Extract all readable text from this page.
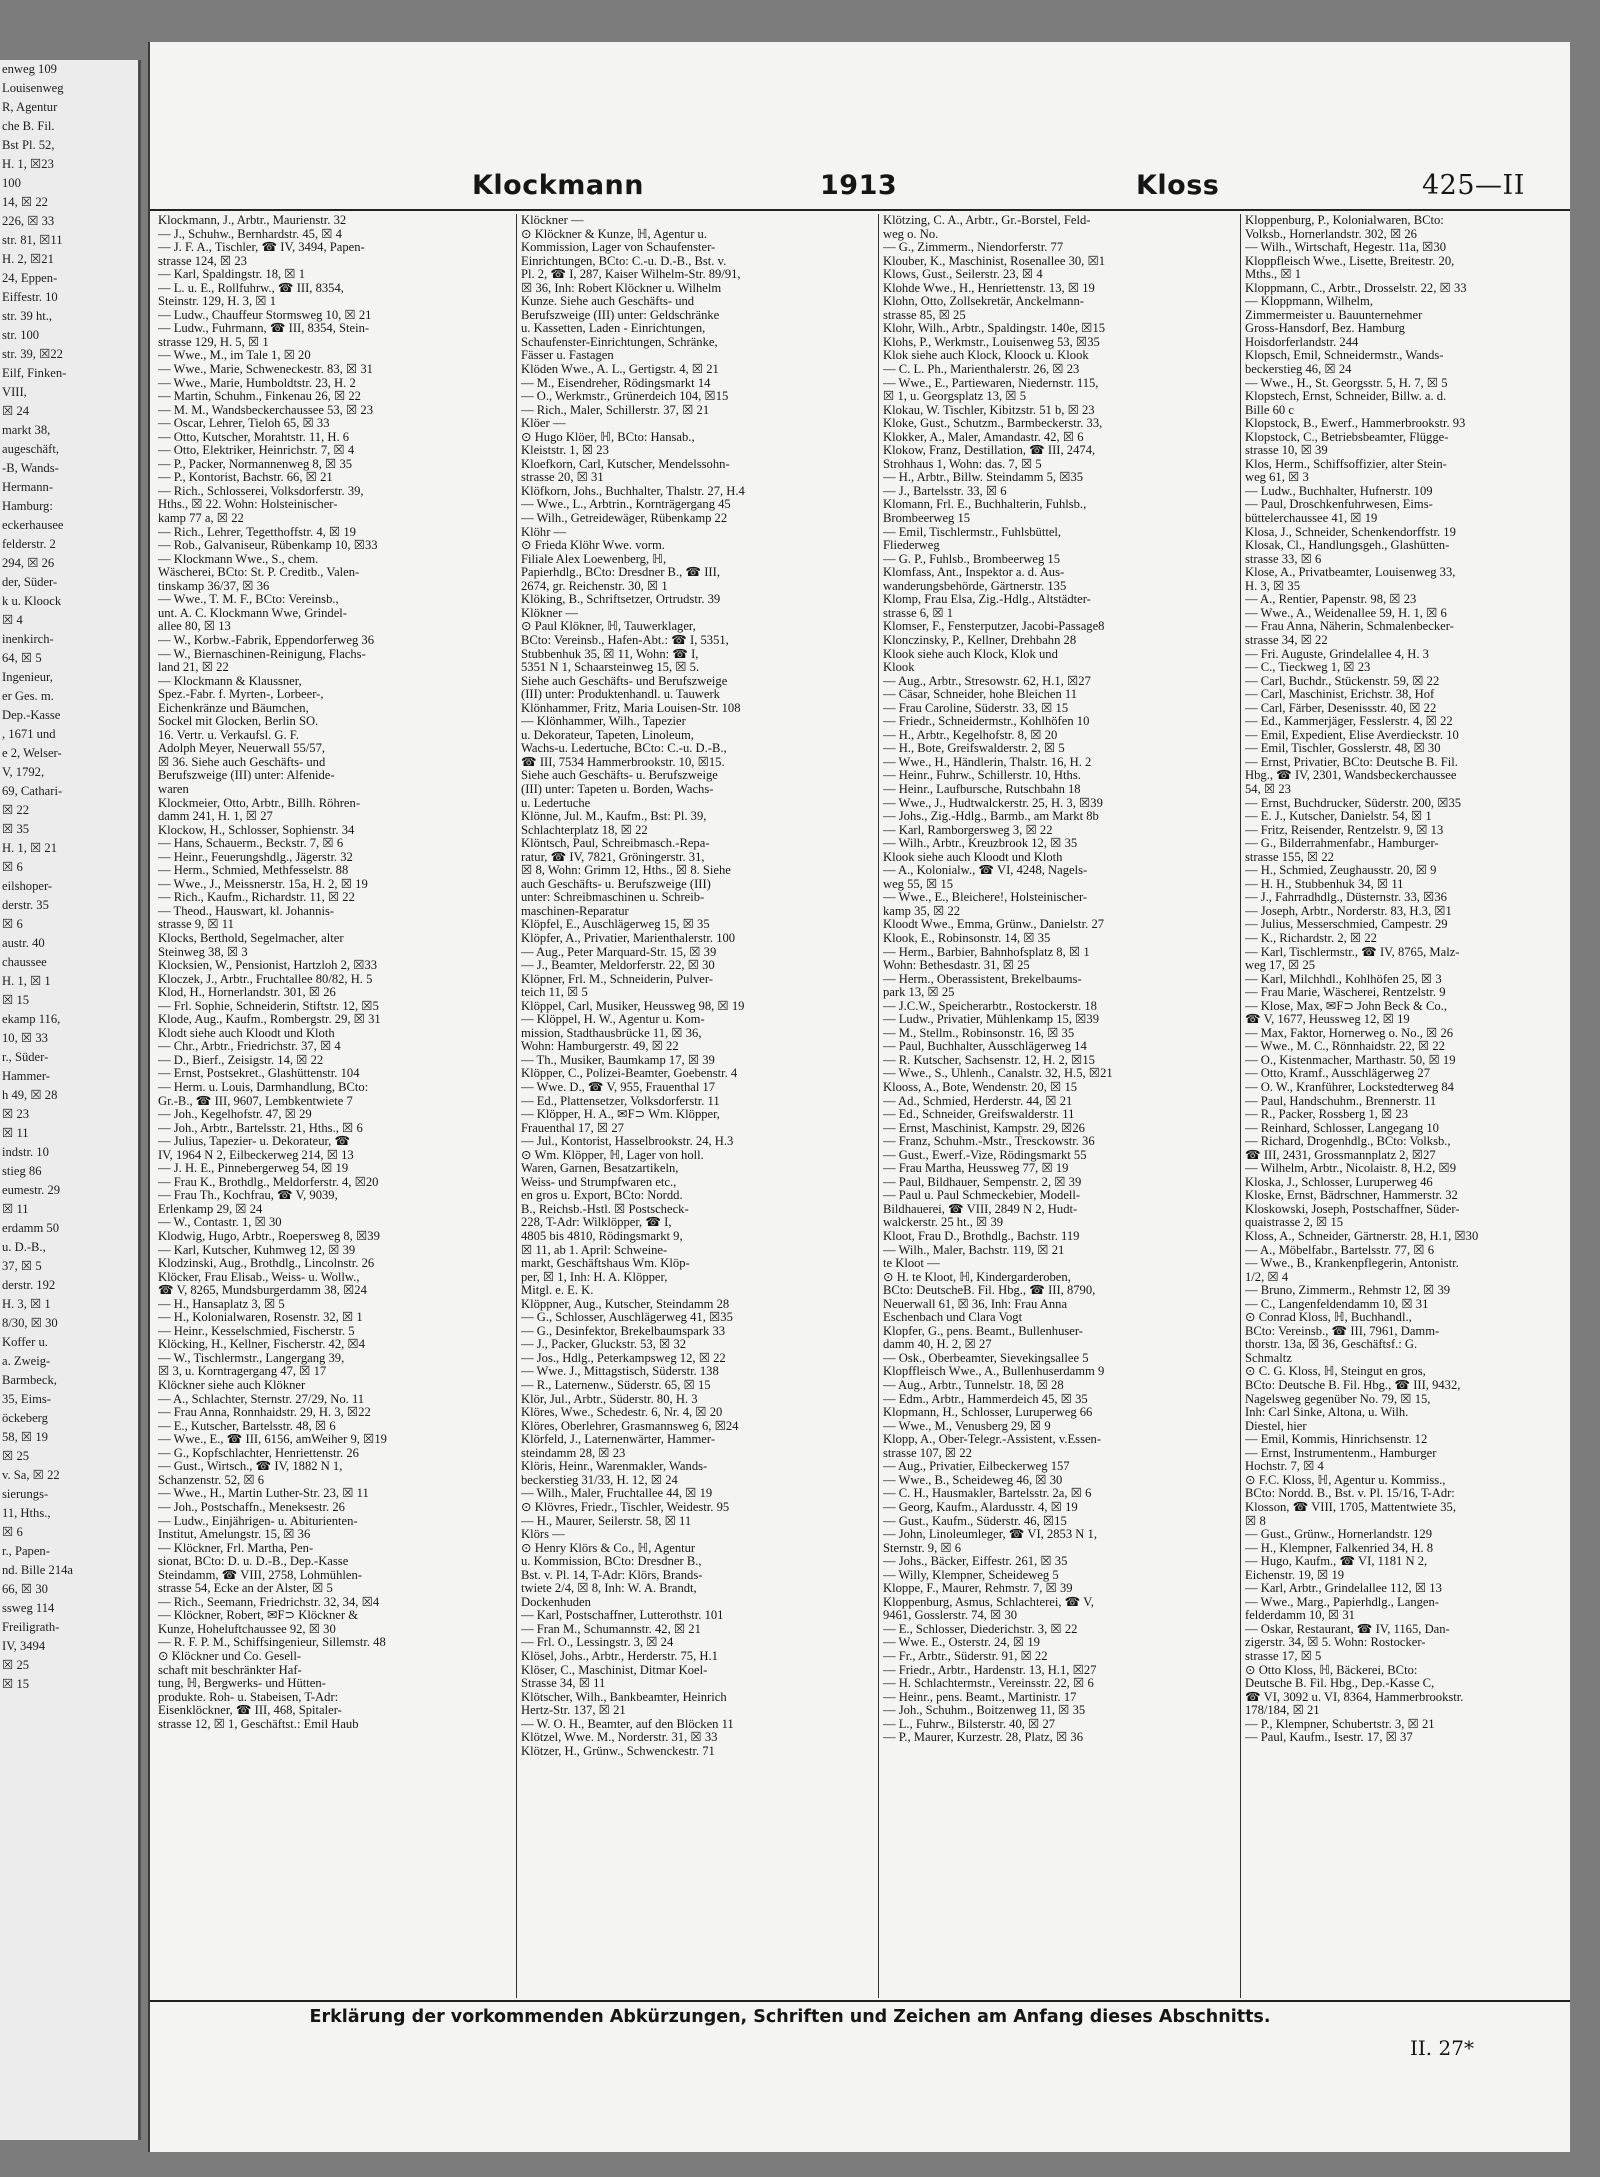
enweg 109
Louisenweg
R, Agentur
che B. Fil.
Bst Pl. 52,
H. 1, ☒23
100
14, ☒ 22
226, ☒ 33
str. 81, ☒11
H. 2, ☒21
24, Eppen-
Eiffestr. 10
str. 39 ht.,
str. 100
str. 39, ☒22
Eilf, Finken-
VIII,
☒ 24
markt 38,
augeschäft,
-B, Wands-
Hermann-
Hamburg:
eckerhausee
felderstr. 2
294, ☒ 26
der, Süder-
k u. Kloock
☒ 4
inenkirch-
64, ☒ 5
Ingenieur,
er Ges. m.
Dep.-Kasse
, 1671 und
e 2, Welser-
V, 1792,
69, Cathari-
☒ 22
☒ 35
H. 1, ☒ 21
☒ 6
eilshoper-
derstr. 35
☒ 6
austr. 40
chaussee
H. 1, ☒ 1
☒ 15
ekamp 116,
10, ☒ 33
r., Süder-
Hammer-
h 49, ☒ 28
☒ 23
☒ 11
indstr. 10
stieg 86
eumestr. 29
☒ 11
erdamm 50
u. D.-B.,
37, ☒ 5
derstr. 192
H. 3, ☒ 1
8/30, ☒ 30
Koffer u.
a. Zweig-
Barmbeck,
35, Eims-
öckeberg
58, ☒ 19
☒ 25
v. Sa, ☒ 22
sierungs-
11, Hths.,
☒ 6
r., Papen-
nd. Bille 214a
66, ☒ 30
ssweg 114
Freiligrath-
IV, 3494
☒ 25
☒ 15
Klockmann	1913	Kloss	425—II
Klockmann, J., Arbtr., Maurienstr. 32
— J., Schuhw., Bernhardstr. 45, ☒ 4
— J. F. A., Tischler, ☎ IV, 3494, Papen-
strasse 124, ☒ 23
— Karl, Spaldingstr. 18, ☒ 1
— L. u. E., Rollfuhrw., ☎ III, 8354,
Steinstr. 129, H. 3, ☒ 1
— Ludw., Chauffeur Stormsweg 10, ☒ 21
— Ludw., Fuhrmann, ☎ III, 8354, Stein-
strasse 129, H. 5, ☒ 1
— Wwe., M., im Tale 1, ☒ 20
— Wwe., Marie, Schweneckestr. 83, ☒ 31
— Wwe., Marie, Humboldtstr. 23, H. 2
— Martin, Schuhm., Finkenau 26, ☒ 22
— M. M., Wandsbeckerchaussee 53, ☒ 23
— Oscar, Lehrer, Tieloh 65, ☒ 33
— Otto, Kutscher, Morahtstr. 11, H. 6
— Otto, Elektriker, Heinrichstr. 7, ☒ 4
— P., Packer, Normannenweg 8, ☒ 35
— P., Kontorist, Bachstr. 66, ☒ 21
— Rich., Schlosserei, Volksdorferstr. 39,
Hths., ☒ 22. Wohn: Holsteinischer-
kamp 77 a, ☒ 22
— Rich., Lehrer, Tegetthoffstr. 4, ☒ 19
— Rob., Galvaniseur, Rübenkamp 10, ☒33
— Klockmann Wwe., S., chem.
Wäscherei, BCto: St. P. Creditb., Valen-
tinskamp 36/37, ☒ 36
— Wwe., T. M. F., BCto: Vereinsb.,
unt. A. C. Klockmann Wwe, Grindel-
allee 80, ☒ 13
— W., Korbw.-Fabrik, Eppendorferweg 36
— W., Biernaschinen-Reinigung, Flachs-
land 21, ☒ 22
— Klockmann & Klaussner,
Spez.-Fabr. f. Myrten-, Lorbeer-,
Eichenkränze und Bäumchen,
Sockel mit Glocken, Berlin SO.
16. Vertr. u. Verkaufsl. G. F.
Adolph Meyer, Neuerwall 55/57,
☒ 36. Siehe auch Geschäfts- und
Berufszweige (III) unter: Alfenide-
waren
Klockmeier, Otto, Arbtr., Billh. Röhren-
damm 241, H. 1, ☒ 27
Klockow, H., Schlosser, Sophienstr. 34
— Hans, Schauerm., Beckstr. 7, ☒ 6
— Heinr., Feuerungshdlg., Jägerstr. 32
— Herm., Schmied, Methfesselstr. 88
— Wwe., J., Meissnerstr. 15a, H. 2, ☒ 19
— Rich., Kaufm., Richardstr. 11, ☒ 22
— Theod., Hauswart, kl. Johannis-
strasse 9, ☒ 11
Klocks, Berthold, Segelmacher, alter
Steinweg 38, ☒ 3
Klocksien, W., Pensionist, Hartzloh 2, ☒33
Kloczek, J., Arbtr., Fruchtallee 80/82, H. 5
Klod, H., Hornerlandstr. 301, ☒ 26
— Frl. Sophie, Schneiderin, Stiftstr. 12, ☒5
Klode, Aug., Kaufm., Rombergstr. 29, ☒ 31
Klodt siehe auch Kloodt und Kloth
— Chr., Arbtr., Friedrichstr. 37, ☒ 4
— D., Bierf., Zeisigstr. 14, ☒ 22
— Ernst, Postsekret., Glashüttenstr. 104
— Herm. u. Louis, Darmhandlung, BCto:
Gr.-B., ☎ III, 9607, Lembkentwiete 7
— Joh., Kegelhofstr. 47, ☒ 29
— Joh., Arbtr., Bartelsstr. 21, Hths., ☒ 6
— Julius, Tapezier- u. Dekorateur, ☎
IV, 1964 N 2, Eilbeckerweg 214, ☒ 13
— J. H. E., Pinnebergerweg 54, ☒ 19
— Frau K., Brothdlg., Meldorferstr. 4, ☒20
— Frau Th., Kochfrau, ☎ V, 9039,
Erlenkamp 29, ☒ 24
— W., Contastr. 1, ☒ 30
Klodwig, Hugo, Arbtr., Roepersweg 8, ☒39
— Karl, Kutscher, Kuhmweg 12, ☒ 39
Klodzinski, Aug., Brothdlg., Lincolnstr. 26
Klöcker, Frau Elisab., Weiss- u. Wollw.,
☎ V, 8265, Mundsburgerdamm 38, ☒24
— H., Hansaplatz 3, ☒ 5
— H., Kolonialwaren, Rosenstr. 32, ☒ 1
— Heinr., Kesselschmied, Fischerstr. 5
Klöcking, H., Kellner, Fischerstr. 42, ☒4
— W., Tischlermstr., Langergang 39,
☒ 3, u. Korntragergang 47, ☒ 17
Klöckner siehe auch Klökner
— A., Schlachter, Sternstr. 27/29, No. 11
— Frau Anna, Ronnhaidstr. 29, H. 3, ☒22
— E., Kutscher, Bartelsstr. 48, ☒ 6
— Wwe., E., ☎ III, 6156, amWeiher 9, ☒19
— G., Kopfschlachter, Henriettenstr. 26
— Gust., Wirtsch., ☎ IV, 1882 N 1,
Schanzenstr. 52, ☒ 6
— Wwe., H., Martin Luther-Str. 23, ☒ 11
— Joh., Postschaffn., Meneksestr. 26
— Ludw., Einjährigen- u. Abiturienten-
Institut, Amelungstr. 15, ☒ 36
— Klöckner, Frl. Martha, Pen-
sionat, BCto: D. u. D.-B., Dep.-Kasse
Steindamm, ☎ VIII, 2758, Lohmühlen-
strasse 54, Ecke an der Alster, ☒ 5
— Rich., Seemann, Friedrichstr. 32, 34, ☒4
— Klöckner, Robert, ✉F⊃ Klöckner &
Kunze, Hoheluftchaussee 92, ☒ 30
— R. F. P. M., Schiffsingenieur, Sillemstr. 48
⊙ Klöckner und Co. Gesell-
schaft mit beschränkter Haf-
tung, ℍ, Bergwerks- und Hütten-
produkte. Roh- u. Stabeisen, T-Adr:
Eisenklöckner, ☎ III, 468, Spitaler-
strasse 12, ☒ 1, Geschäftst.: Emil Haub
Klöckner —
⊙ Klöckner & Kunze, ℍ, Agentur u.
Kommission, Lager von Schaufenster-
Einrichtungen, BCto: C.-u. D.-B., Bst. v.
Pl. 2, ☎ I, 287, Kaiser Wilhelm-Str. 89/91,
☒ 36, Inh: Robert Klöckner u. Wilhelm
Kunze. Siehe auch Geschäfts- und
Berufszweige (III) unter: Geldschränke
u. Kassetten, Laden - Einrichtungen,
Schaufenster-Einrichtungen, Schränke,
Fässer u. Fastagen
Klöden Wwe., A. L., Gertigstr. 4, ☒ 21
— M., Eisendreher, Rödingsmarkt 14
— O., Werkmstr., Grünerdeich 104, ☒15
— Rich., Maler, Schillerstr. 37, ☒ 21
Klöer —
⊙ Hugo Klöer, ℍ, BCto: Hansab.,
Kleiststr. 1, ☒ 23
Kloefkorn, Carl, Kutscher, Mendelssohn-
strasse 20, ☒ 31
Klöfkorn, Johs., Buchhalter, Thalstr. 27, H.4
— Wwe., L., Arbtrin., Kornträgergang 45
— Wilh., Getreidewäger, Rübenkamp 22
Klöhr —
⊙ Frieda Klöhr Wwe. vorm.
Filiale Alex Loewenberg, ℍ,
Papierhdlg., BCto: Dresdner B., ☎ III,
2674, gr. Reichenstr. 30, ☒ 1
Klöking, B., Schriftsetzer, Ortrudstr. 39
Klökner —
⊙ Paul Klökner, ℍ, Tauwerklager,
BCto: Vereinsb., Hafen-Abt.: ☎ I, 5351,
Stubbenhuk 35, ☒ 11, Wohn: ☎ I,
5351 N 1, Schaarsteinweg 15, ☒ 5.
Siehe auch Geschäfts- und Berufszweige
(III) unter: Produktenhandl. u. Tauwerk
Klönhammer, Fritz, Maria Louisen-Str. 108
— Klönhammer, Wilh., Tapezier
u. Dekorateur, Tapeten, Linoleum,
Wachs-u. Ledertuche, BCto: C.-u. D.-B.,
☎ III, 7534 Hammerbrookstr. 10, ☒15.
Siehe auch Geschäfts- u. Berufszweige
(III) unter: Tapeten u. Borden, Wachs-
u. Ledertuche
Klönne, Jul. M., Kaufm., Bst: Pl. 39,
Schlachterplatz 18, ☒ 22
Klöntsch, Paul, Schreibmasch.-Repa-
ratur, ☎ IV, 7821, Gröningerstr. 31,
☒ 8, Wohn: Grimm 12, Hths., ☒ 8. Siehe
auch Geschäfts- u. Berufszweige (III)
unter: Schreibmaschinen u. Schreib-
maschinen-Reparatur
Klöpfel, E., Auschlägerweg 15, ☒ 35
Klöpfer, A., Privatier, Marienthalerstr. 100
— Aug., Peter Marquard-Str. 15, ☒ 39
— J., Beamter, Meldorferstr. 22, ☒ 30
Klöpner, Frl. M., Schneiderin, Pulver-
teich 11, ☒ 5
Klöppel, Carl, Musiker, Heussweg 98, ☒ 19
— Klöppel, H. W., Agentur u. Kom-
mission, Stadthausbrücke 11, ☒ 36,
Wohn: Hamburgerstr. 49, ☒ 22
— Th., Musiker, Baumkamp 17, ☒ 39
Klöpper, C., Polizei-Beamter, Goebenstr. 4
— Wwe. D., ☎ V, 955, Frauenthal 17
— Ed., Plattensetzer, Volksdorferstr. 11
— Klöpper, H. A., ✉F⊃ Wm. Klöpper,
Frauenthal 17, ☒ 27
— Jul., Kontorist, Hasselbrookstr. 24, H.3
⊙ Wm. Klöpper, ℍ, Lager von holl.
Waren, Garnen, Besatzartikeln,
Weiss- und Strumpfwaren etc.,
en gros u. Export, BCto: Nordd.
B., Reichsb.-Hstl. ☒ Postscheck-
228, T-Adr: Wilklöpper, ☎ I,
4805 bis 4810, Rödingsmarkt 9,
☒ 11, ab 1. April: Schweine-
markt, Geschäftshaus Wm. Klöp-
per, ☒ 1, Inh: H. A. Klöpper,
Mitgl. e. E. K.
Klöppner, Aug., Kutscher, Steindamm 28
— G., Schlosser, Auschlägerweg 41, ☒35
— G., Desinfektor, Brekelbaumspark 33
— J., Packer, Gluckstr. 53, ☒ 32
— Jos., Hdlg., Peterkampsweg 12, ☒ 22
— Wwe. J., Mittagstisch, Süderstr. 138
— R., Laternenw., Süderstr. 65, ☒ 15
Klör, Jul., Arbtr., Süderstr. 80, H. 3
Klöres, Wwe., Schedestr. 6, Nr. 4, ☒ 20
Klöres, Oberlehrer, Grasmannsweg 6, ☒24
Klörfeld, J., Laternenwärter, Hammer-
steindamm 28, ☒ 23
Klöris, Heinr., Warenmakler, Wands-
beckerstieg 31/33, H. 12, ☒ 24
— Wilh., Maler, Fruchtallee 44, ☒ 19
⊙ Klövres, Friedr., Tischler, Weidestr. 95
— H., Maurer, Seilerstr. 58, ☒ 11
Klörs —
⊙ Henry Klörs & Co., ℍ, Agentur
u. Kommission, BCto: Dresdner B.,
Bst. v. Pl. 14, T-Adr: Klörs, Brands-
twiete 2/4, ☒ 8, Inh: W. A. Brandt,
Dockenhuden
— Karl, Postschaffner, Lutterothstr. 101
— Fran M., Schumannstr. 42, ☒ 21
— Frl. O., Lessingstr. 3, ☒ 24
Klösel, Johs., Arbtr., Herderstr. 75, H.1
Klöser, C., Maschinist, Ditmar Koel-
Strasse 34, ☒ 11
Klötscher, Wilh., Bankbeamter, Heinrich
Hertz-Str. 137, ☒ 21
— W. O. H., Beamter, auf den Blöcken 11
Klötzel, Wwe. M., Norderstr. 31, ☒ 33
Klötzer, H., Grünw., Schwenckestr. 71
Klötzing, C. A., Arbtr., Gr.-Borstel, Feld-
weg o. No.
— G., Zimmerm., Niendorferstr. 77
Klouber, K., Maschinist, Rosenallee 30, ☒1
Klows, Gust., Seilerstr. 23, ☒ 4
Klohde Wwe., H., Henriettenstr. 13, ☒ 19
Klohn, Otto, Zollsekretär, Anckelmann-
strasse 85, ☒ 25
Klohr, Wilh., Arbtr., Spaldingstr. 140e, ☒15
Klohs, P., Werkmstr., Louisenweg 53, ☒35
Klok siehe auch Klock, Kloock u. Klook
— C. L. Ph., Marienthalerstr. 26, ☒ 23
— Wwe., E., Partiewaren, Niedernstr. 115,
☒ 1, u. Georgsplatz 13, ☒ 5
Klokau, W. Tischler, Kibitzstr. 51 b, ☒ 23
Kloke, Gust., Schutzm., Barmbeckerstr. 33,
Klokker, A., Maler, Amandastr. 42, ☒ 6
Klokow, Franz, Destillation, ☎ III, 2474,
Strohhaus 1, Wohn: das. 7, ☒ 5
— H., Arbtr., Billw. Steindamm 5, ☒35
— J., Bartelsstr. 33, ☒ 6
Klomann, Frl. E., Buchhalterin, Fuhlsb.,
Brombeerweg 15
— Emil, Tischlermstr., Fuhlsbüttel,
Fliederweg
— G. P., Fuhlsb., Brombeerweg 15
Klomfass, Ant., Inspektor a. d. Aus-
wanderungsbehörde, Gärtnerstr. 135
Klomp, Frau Elsa, Zig.-Hdlg., Altstädter-
strasse 6, ☒ 1
Klomser, F., Fensterputzer, Jacobi-Passage8
Klonczinsky, P., Kellner, Drehbahn 28
Klook siehe auch Klock, Klok und
Klook
— Aug., Arbtr., Stresowstr. 62, H.1, ☒27
— Cäsar, Schneider, hohe Bleichen 11
— Frau Caroline, Süderstr. 33, ☒ 15
— Friedr., Schneidermstr., Kohlhöfen 10
— H., Arbtr., Kegelhofstr. 8, ☒ 20
— H., Bote, Greifswalderstr. 2, ☒ 5
— Wwe., H., Händlerin, Thalstr. 16, H. 2
— Heinr., Fuhrw., Schillerstr. 10, Hths.
— Heinr., Laufbursche, Rutschbahn 18
— Wwe., J., Hudtwalckerstr. 25, H. 3, ☒39
— Johs., Zig.-Hdlg., Barmb., am Markt 8b
— Karl, Ramborgersweg 3, ☒ 22
— Wilh., Arbtr., Kreuzbrook 12, ☒ 35
Klook siehe auch Kloodt und Kloth
— A., Kolonialw., ☎ VI, 4248, Nagels-
weg 55, ☒ 15
— Wwe., E., Bleichere!, Holsteinischer-
kamp 35, ☒ 22
Kloodt Wwe., Emma, Grünw., Danielstr. 27
Klook, E., Robinsonstr. 14, ☒ 35
— Herm., Barbier, Bahnhofsplatz 8, ☒ 1
Wohn: Bethesdastr. 31, ☒ 25
— Herm., Oberassistent, Brekelbaums-
park 13, ☒ 25
— J.C.W., Speicherarbtr., Rostockerstr. 18
— Ludw., Privatier, Mühlenkamp 15, ☒39
— M., Stellm., Robinsonstr. 16, ☒ 35
— Paul, Buchhalter, Ausschlägerweg 14
— R. Kutscher, Sachsenstr. 12, H. 2, ☒15
— Wwe., S., Uhlenh., Canalstr. 32, H.5, ☒21
Klooss, A., Bote, Wendenstr. 20, ☒ 15
— Ad., Schmied, Herderstr. 44, ☒ 21
— Ed., Schneider, Greifswalderstr. 11
— Ernst, Maschinist, Kampstr. 29, ☒26
— Franz, Schuhm.-Mstr., Tresckowstr. 36
— Gust., Ewerf.-Vize, Rödingsmarkt 55
— Frau Martha, Heussweg 77, ☒ 19
— Paul, Bildhauer, Sempenstr. 2, ☒ 39
— Paul u. Paul Schmeckebier, Modell-
Bildhauerei, ☎ VIII, 2849 N 2, Hudt-
walckerstr. 25 ht., ☒ 39
Kloot, Frau D., Brothdlg., Bachstr. 119
— Wilh., Maler, Bachstr. 119, ☒ 21
te Kloot —
⊙ H. te Kloot, ℍ, Kindergarderoben,
BCto: DeutscheB. Fil. Hbg., ☎ III, 8790,
Neuerwall 61, ☒ 36, Inh: Frau Anna
Eschenbach und Clara Vogt
Klopfer, G., pens. Beamt., Bullenhuser-
damm 40, H. 2, ☒ 27
— Osk., Oberbeamter, Sievekingsallee 5
Klopffleisch Wwe., A., Bullenhuserdamm 9
— Aug., Arbtr., Tunnelstr. 18, ☒ 28
— Edm., Arbtr., Hammerdeich 45, ☒ 35
Klopmann, H., Schlosser, Luruperweg 66
— Wwe., M., Venusberg 29, ☒ 9
Klopp, A., Ober-Telegr.-Assistent, v.Essen-
strasse 107, ☒ 22
— Aug., Privatier, Eilbeckerweg 157
— Wwe., B., Scheideweg 46, ☒ 30
— C. H., Hausmakler, Bartelsstr. 2a, ☒ 6
— Georg, Kaufm., Alardusstr. 4, ☒ 19
— Gust., Kaufm., Süderstr. 46, ☒15
— John, Linoleumleger, ☎ VI, 2853 N 1,
Sternstr. 9, ☒ 6
— Johs., Bäcker, Eiffestr. 261, ☒ 35
— Willy, Klempner, Scheideweg 5
Kloppe, F., Maurer, Rehmstr. 7, ☒ 39
Kloppenburg, Asmus, Schlachterei, ☎ V,
9461, Gosslerstr. 74, ☒ 30
— E., Schlosser, Diederichstr. 3, ☒ 22
— Wwe. E., Osterstr. 24, ☒ 19
— Fr., Arbtr., Süderstr. 91, ☒ 22
— Friedr., Arbtr., Hardenstr. 13, H.1, ☒27
— H. Schlachtermstr., Vereinsstr. 22, ☒ 6
— Heinr., pens. Beamt., Martinistr. 17
— Joh., Schuhm., Boitzenweg 11, ☒ 35
— L., Fuhrw., Bilsterstr. 40, ☒ 27
— P., Maurer, Kurzestr. 28, Platz, ☒ 36
Kloppenburg, P., Kolonialwaren, BCto:
Volksb., Hornerlandstr. 302, ☒ 26
— Wilh., Wirtschaft, Hegestr. 11a, ☒30
Kloppfleisch Wwe., Lisette, Breitestr. 20,
Mths., ☒ 1
Kloppmann, C., Arbtr., Drosselstr. 22, ☒ 33
— Kloppmann, Wilhelm,
Zimmermeister u. Bauunternehmer
Gross-Hansdorf, Bez. Hamburg
Hoisdorferlandstr. 244
Klopsch, Emil, Schneidermstr., Wands-
beckerstieg 46, ☒ 24
— Wwe., H., St. Georgsstr. 5, H. 7, ☒ 5
Klopstech, Ernst, Schneider, Billw. a. d.
Bille 60 c
Klopstock, B., Ewerf., Hammerbrookstr. 93
Klopstock, C., Betriebsbeamter, Flügge-
strasse 10, ☒ 39
Klos, Herm., Schiffsoffizier, alter Stein-
weg 61, ☒ 3
— Ludw., Buchhalter, Hufnerstr. 109
— Paul, Droschkenfuhrwesen, Eims-
büttelerchaussee 41, ☒ 19
Klosa, J., Schneider, Schenkendorffstr. 19
Klosak, Cl., Handlungsgeh., Glashütten-
strasse 33, ☒ 6
Klose, A., Privatbeamter, Louisenweg 33,
H. 3, ☒ 35
— A., Rentier, Papenstr. 98, ☒ 23
— Wwe., A., Weidenallee 59, H. 1, ☒ 6
— Frau Anna, Näherin, Schmalenbecker-
strasse 34, ☒ 22
— Fri. Auguste, Grindelallee 4, H. 3
— C., Tieckweg 1, ☒ 23
— Carl, Buchdr., Stückenstr. 59, ☒ 22
— Carl, Maschinist, Erichstr. 38, Hof
— Carl, Färber, Desenissstr. 40, ☒ 22
— Ed., Kammerjäger, Fesslerstr. 4, ☒ 22
— Emil, Expedient, Elise Averdieckstr. 10
— Emil, Tischler, Gosslerstr. 48, ☒ 30
— Ernst, Privatier, BCto: Deutsche B. Fil.
Hbg., ☎ IV, 2301, Wandsbeckerchaussee
54, ☒ 23
— Ernst, Buchdrucker, Süderstr. 200, ☒35
— E. J., Kutscher, Danielstr. 54, ☒ 1
— Fritz, Reisender, Rentzelstr. 9, ☒ 13
— G., Bilderrahmenfabr., Hamburger-
strasse 155, ☒ 22
— H., Schmied, Zeughausstr. 20, ☒ 9
— H. H., Stubbenhuk 34, ☒ 11
— J., Fahrradhdlg., Düsternstr. 33, ☒36
— Joseph, Arbtr., Norderstr. 83, H.3, ☒1
— Julius, Messerschmied, Campestr. 29
— K., Richardstr. 2, ☒ 22
— Karl, Tischlermstr., ☎ IV, 8765, Malz-
weg 17, ☒ 25
— Karl, Milchhdl., Kohlhöfen 25, ☒ 3
— Frau Marie, Wäscherei, Rentzelstr. 9
— Klose, Max, ✉F⊃ John Beck & Co.,
☎ V, 1677, Heussweg 12, ☒ 19
— Max, Faktor, Hornerweg o. No., ☒ 26
— Wwe., M. C., Rönnhaidstr. 22, ☒ 22
— O., Kistenmacher, Marthastr. 50, ☒ 19
— Otto, Kramf., Ausschlägerweg 27
— O. W., Kranführer, Lockstedterweg 84
— Paul, Handschuhm., Brennerstr. 11
— R., Packer, Rossberg 1, ☒ 23
— Reinhard, Schlosser, Langegang 10
— Richard, Drogenhdlg., BCto: Volksb.,
☎ III, 2431, Grossmannplatz 2, ☒27
— Wilhelm, Arbtr., Nicolaistr. 8, H.2, ☒9
Kloska, J., Schlosser, Luruperweg 46
Kloske, Ernst, Bädrschner, Hammerstr. 32
Kloskowski, Joseph, Postschaffner, Süder-
quaistrasse 2, ☒ 15
Kloss, A., Schneider, Gärtnerstr. 28, H.1, ☒30
— A., Möbelfabr., Bartelsstr. 77, ☒ 6
— Wwe., B., Krankenpflegerin, Antonistr.
1/2, ☒ 4
— Bruno, Zimmerm., Rehmstr 12, ☒ 39
— C., Langenfeldendamm 10, ☒ 31
⊙ Conrad Kloss, ℍ, Buchhandl.,
BCto: Vereinsb., ☎ III, 7961, Damm-
thorstr. 13a, ☒ 36, Geschäftsf.: G.
Schmaltz
⊙ C. G. Kloss, ℍ, Steingut en gros,
BCto: Deutsche B. Fil. Hbg., ☎ III, 9432,
Nagelsweg gegenüber No. 79, ☒ 15,
Inh: Carl Sinke, Altona, u. Wilh.
Diestel, hier
— Emil, Kommis, Hinrichsenstr. 12
— Ernst, Instrumentenm., Hamburger
Hochstr. 7, ☒ 4
⊙ F.C. Kloss, ℍ, Agentur u. Kommiss.,
BCto: Nordd. B., Bst. v. Pl. 15/16, T-Adr:
Klosson, ☎ VIII, 1705, Mattentwiete 35,
☒ 8
— Gust., Grünw., Hornerlandstr. 129
— H., Klempner, Falkenried 34, H. 8
— Hugo, Kaufm., ☎ VI, 1181 N 2,
Eichenstr. 19, ☒ 19
— Karl, Arbtr., Grindelallee 112, ☒ 13
— Wwe., Marg., Papierhdlg., Langen-
felderdamm 10, ☒ 31
— Oskar, Restaurant, ☎ IV, 1165, Dan-
zigerstr. 34, ☒ 5. Wohn: Rostocker-
strasse 17, ☒ 5
⊙ Otto Kloss, ℍ, Bäckerei, BCto:
Deutsche B. Fil. Hbg., Dep.-Kasse C,
☎ VI, 3092 u. VI, 8364, Hammerbrookstr.
178/184, ☒ 21
— P., Klempner, Schubertstr. 3, ☒ 21
— Paul, Kaufm., Isestr. 17, ☒ 37
Erklärung der vorkommenden Abkürzungen, Schriften und Zeichen am Anfang dieses Abschnitts.
II. 27*
